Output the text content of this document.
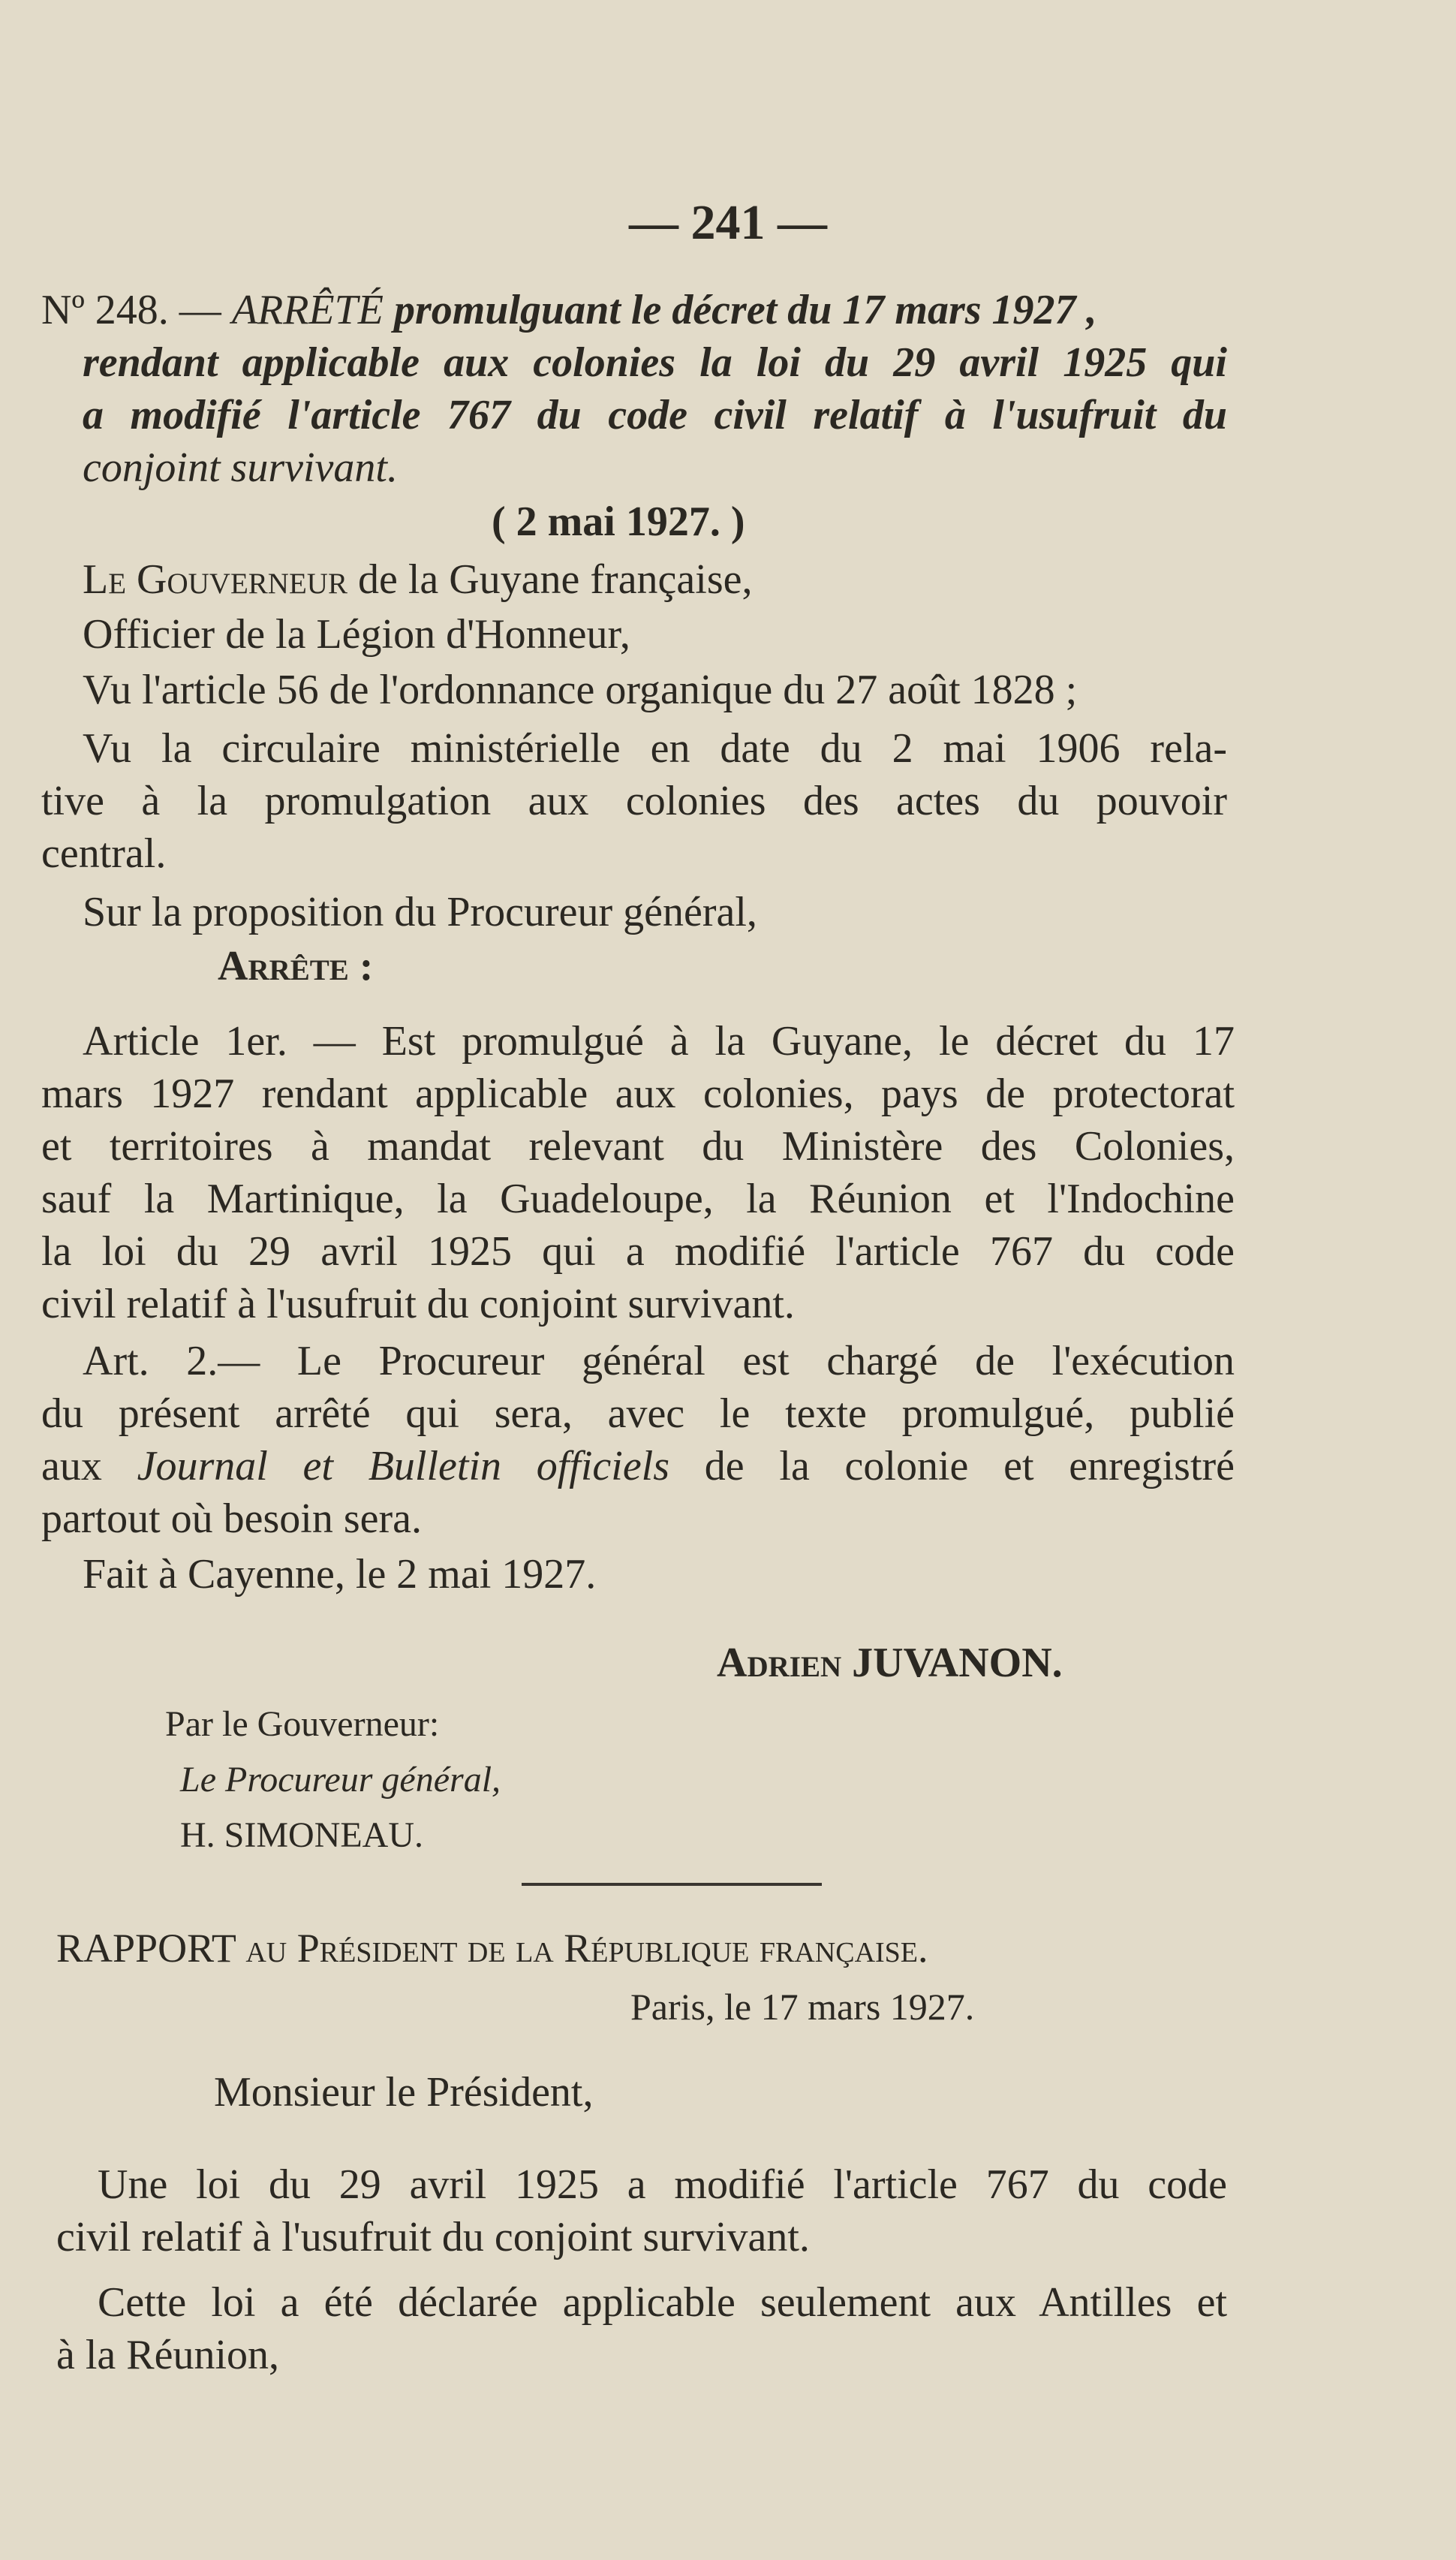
— 241 —
Nº 248. — ARRÊTÉ promulguant le décret du 17 mars 1927 ,
rendant applicable aux colonies la loi du 29 avril 1925 qui
a modifié l'article 767 du code civil relatif à l'usufruit du
conjoint survivant.
( 2 mai 1927. )
Le Gouverneur de la Guyane française,
Officier de la Légion d'Honneur,
Vu l'article 56 de l'ordonnance organique du 27 août 1828 ;
Vu la circulaire ministérielle en date du 2 mai 1906 rela-
tive à la promulgation aux colonies des actes du pouvoir
central.
Sur la proposition du Procureur général,
Arrête :
Article 1er. — Est promulgué à la Guyane, le décret du 17
mars 1927 rendant applicable aux colonies, pays de protectorat
et territoires à mandat relevant du Ministère des Colonies,
sauf la Martinique, la Guadeloupe, la Réunion et l'Indochine
la loi du 29 avril 1925 qui a modifié l'article 767 du code
civil relatif à l'usufruit du conjoint survivant.
Art. 2.— Le Procureur général est chargé de l'exécution
du présent arrêté qui sera, avec le texte promulgué, publié
aux Journal et Bulletin officiels de la colonie et enregistré
partout où besoin sera.
Fait à Cayenne, le 2 mai 1927.
Adrien JUVANON.
Par le Gouverneur:
Le Procureur général,
H. SIMONEAU.
RAPPORT au Président de la République française.
Paris, le 17 mars 1927.
Monsieur le Président,
Une loi du 29 avril 1925 a modifié l'article 767 du code
civil relatif à l'usufruit du conjoint survivant.
Cette loi a été déclarée applicable seulement aux Antilles et
à la Réunion,
